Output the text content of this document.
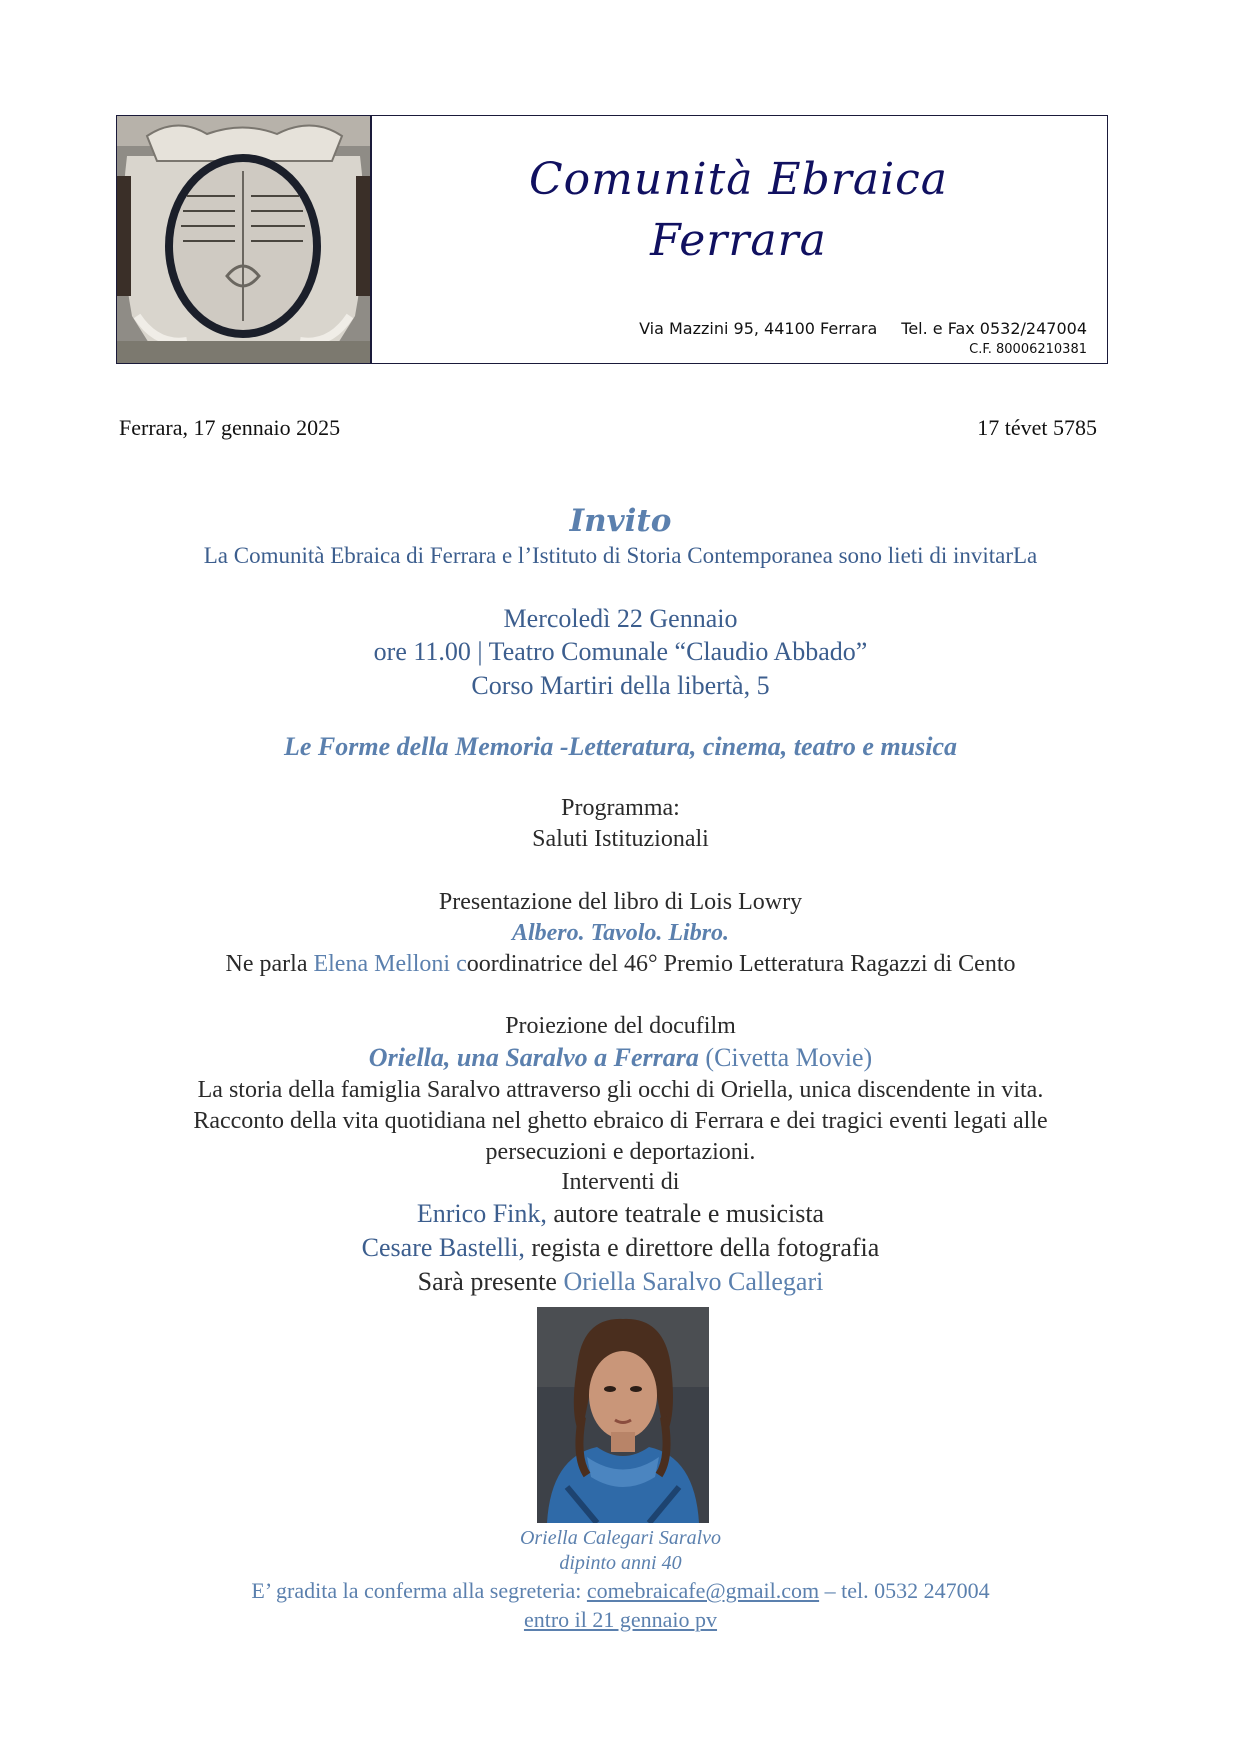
Comunità Ebraica
Ferrara
Via Mazzini 95, 44100 Ferrara Tel. e Fax 0532/247004
C.F. 80006210381
Ferrara, 17 gennaio 2025	17 tévet 5785
Invito
La Comunità Ebraica di Ferrara e l’Istituto di Storia Contemporanea sono lieti di invitarLa
Mercoledì 22 Gennaio
ore 11.00 | Teatro Comunale “Claudio Abbado”
Corso Martiri della libertà, 5
Le Forme della Memoria -Letteratura, cinema, teatro e musica
Programma:
Saluti Istituzionali
Presentazione del libro di Lois Lowry
Albero. Tavolo. Libro.
Ne parla Elena Melloni coordinatrice del 46° Premio Letteratura Ragazzi di Cento
Proiezione del docufilm
Oriella, una Saralvo a Ferrara (Civetta Movie)
La storia della famiglia Saralvo attraverso gli occhi di Oriella, unica discendente in vita.
Racconto della vita quotidiana nel ghetto ebraico di Ferrara e dei tragici eventi legati alle
persecuzioni e deportazioni.
Interventi di
Enrico Fink, autore teatrale e musicista
Cesare Bastelli, regista e direttore della fotografia
Sarà presente Oriella Saralvo Callegari
Oriella Calegari Saralvo
dipinto anni 40
E’ gradita la conferma alla segreteria: comebraicafe@gmail.com – tel. 0532 247004
entro il 21 gennaio pv
